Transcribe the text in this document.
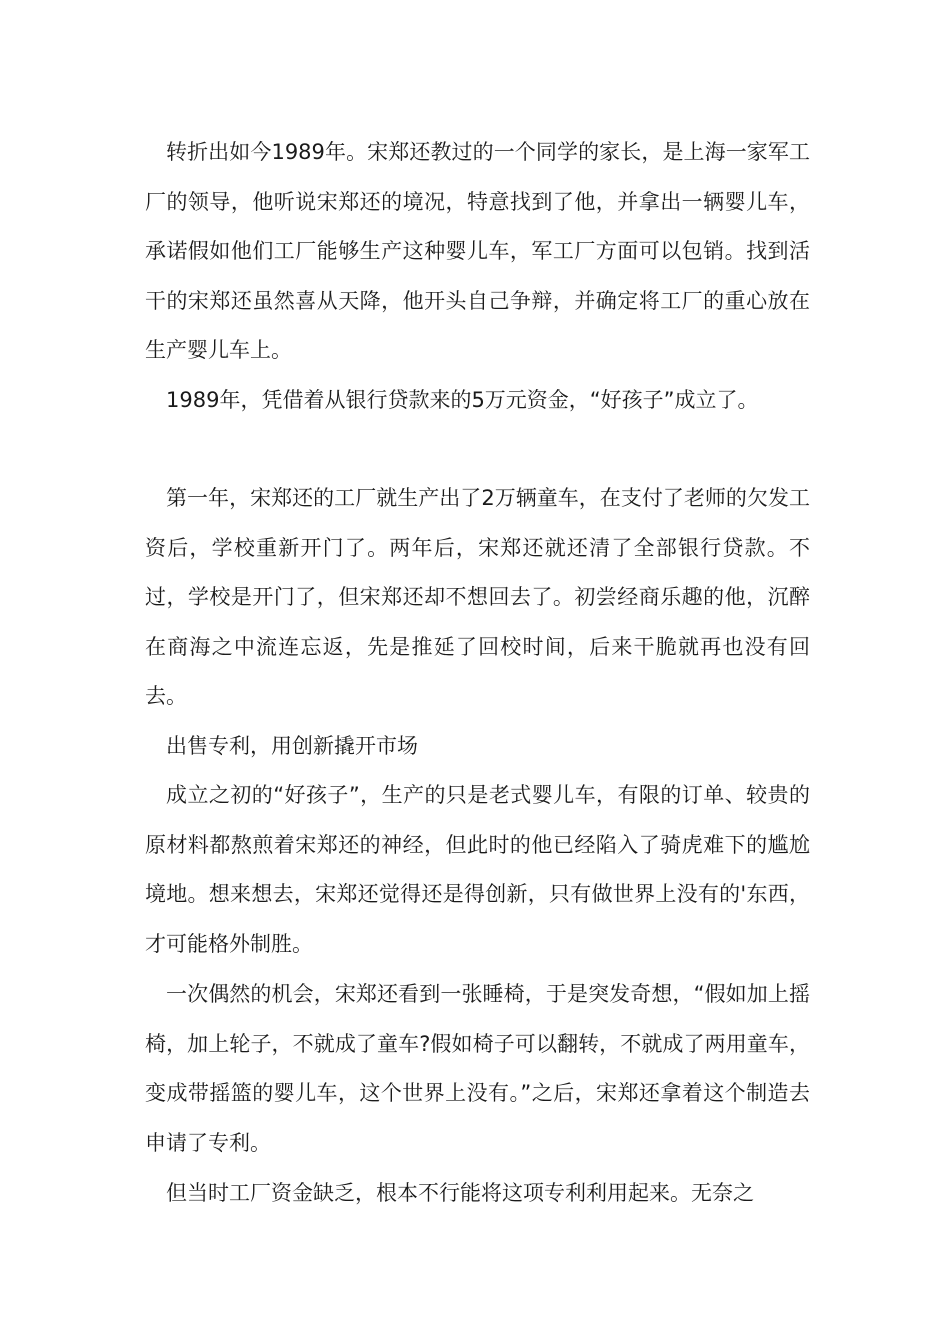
转折出如今1989年。宋郑还教过的一个同学的家长，是上海一家军工厂的领导，他听说宋郑还的境况，特意找到了他，并拿出一辆婴儿车，承诺假如他们工厂能够生产这种婴儿车，军工厂方面可以包销。找到活干的宋郑还虽然喜从天降，他开头自己争辩，并确定将工厂的重心放在生产婴儿车上。

1989年，凭借着从银行贷款来的5万元资金，“好孩子”成立了。

第一年，宋郑还的工厂就生产出了2万辆童车，在支付了老师的欠发工资后，学校重新开门了。两年后，宋郑还就还清了全部银行贷款。不过，学校是开门了，但宋郑还却不想回去了。初尝经商乐趣的他，沉醉在商海之中流连忘返，先是推延了回校时间，后来干脆就再也没有回去。

出售专利，用创新撬开市场

成立之初的“好孩子”，生产的只是老式婴儿车，有限的订单、较贵的原材料都熬煎着宋郑还的神经，但此时的他已经陷入了骑虎难下的尴尬境地。想来想去，宋郑还觉得还是得创新，只有做世界上没有的'东西，才可能格外制胜。

一次偶然的机会，宋郑还看到一张睡椅，于是突发奇想，“假如加上摇椅，加上轮子，不就成了童车?假如椅子可以翻转，不就成了两用童车，变成带摇篮的婴儿车，这个世界上没有。”之后，宋郑还拿着这个制造去申请了专利。

但当时工厂资金缺乏，根本不行能将这项专利利用起来。无奈之
